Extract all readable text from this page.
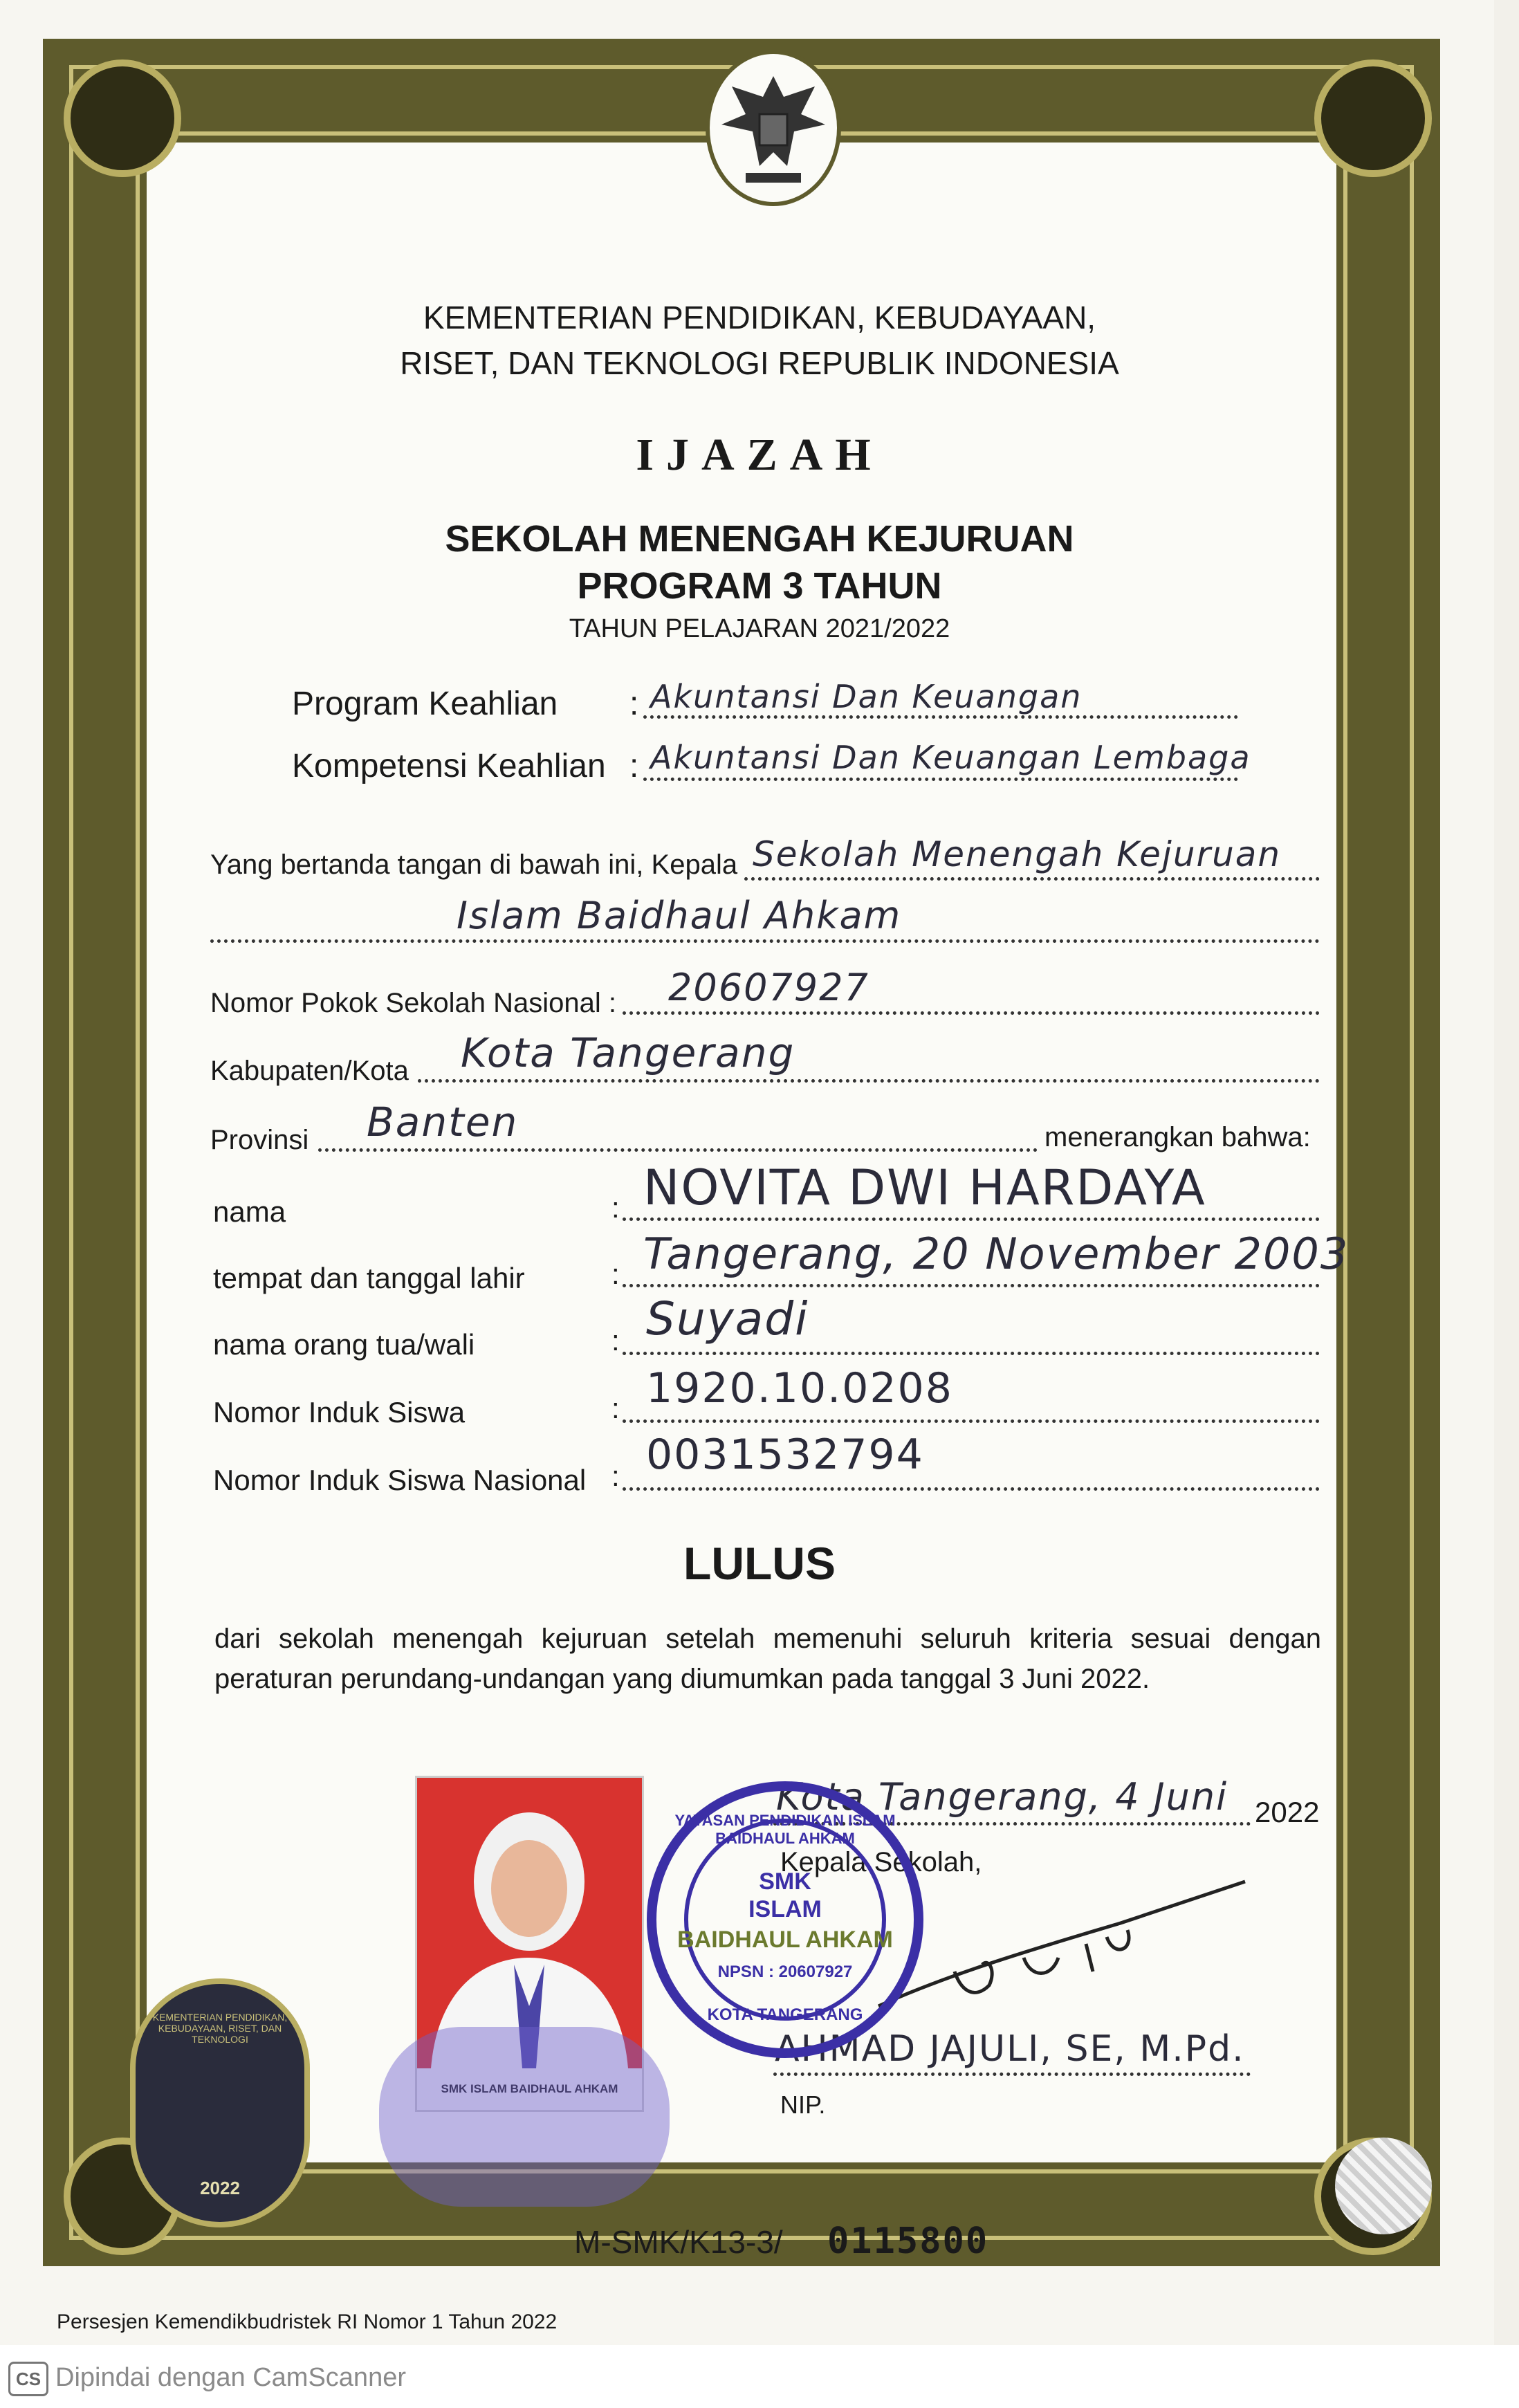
KEMENTERIAN PENDIDIKAN, KEBUDAYAAN,
RISET, DAN TEKNOLOGI REPUBLIK INDONESIA
IJAZAH
SEKOLAH MENENGAH KEJURUAN
PROGRAM 3 TAHUN
TAHUN PELAJARAN 2021/2022
Program Keahlian : Akuntansi Dan Keuangan
Kompetensi Keahlian : Akuntansi Dan Keuangan Lembaga
Yang bertanda tangan di bawah ini, Kepala Sekolah Menengah Kejuruan
Islam Baidhaul Ahkam
Nomor Pokok Sekolah Nasional : 20607927
Kabupaten/Kota Kota Tangerang
Provinsi Banten	menerangkan bahwa:
nama	: NOVITA DWI HARDAYA
tempat dan tanggal lahir	: Tangerang, 20 November 2003
nama orang tua/wali	: Suyadi
Nomor Induk Siswa	: 1920.10.0208
Nomor Induk Siswa Nasional : 0031532794
LULUS
dari sekolah menengah kejuruan setelah memenuhi seluruh kriteria sesuai dengan peraturan perundang-undangan yang diumumkan pada tanggal 3 Juni 2022.
Kota Tangerang, 4 Juni 2022
Kepala Sekolah,
AHMAD JAJULI, SE, M.Pd.
NIP.
SMK ISLAM BAIDHAUL AHKAM
YAYASAN PENDIDIKAN ISLAM BAIDHAUL AHKAM
SMK
ISLAM
BAIDHAUL AHKAM
NPSN : 20607927
KOTA TANGERANG
KEMENTERIAN PENDIDIKAN, KEBUDAYAAN, RISET, DAN TEKNOLOGI
2022
M-SMK/K13-3/ 0115800
Persesjen Kemendikbudristek RI Nomor 1 Tahun 2022
CS Dipindai dengan CamScanner
